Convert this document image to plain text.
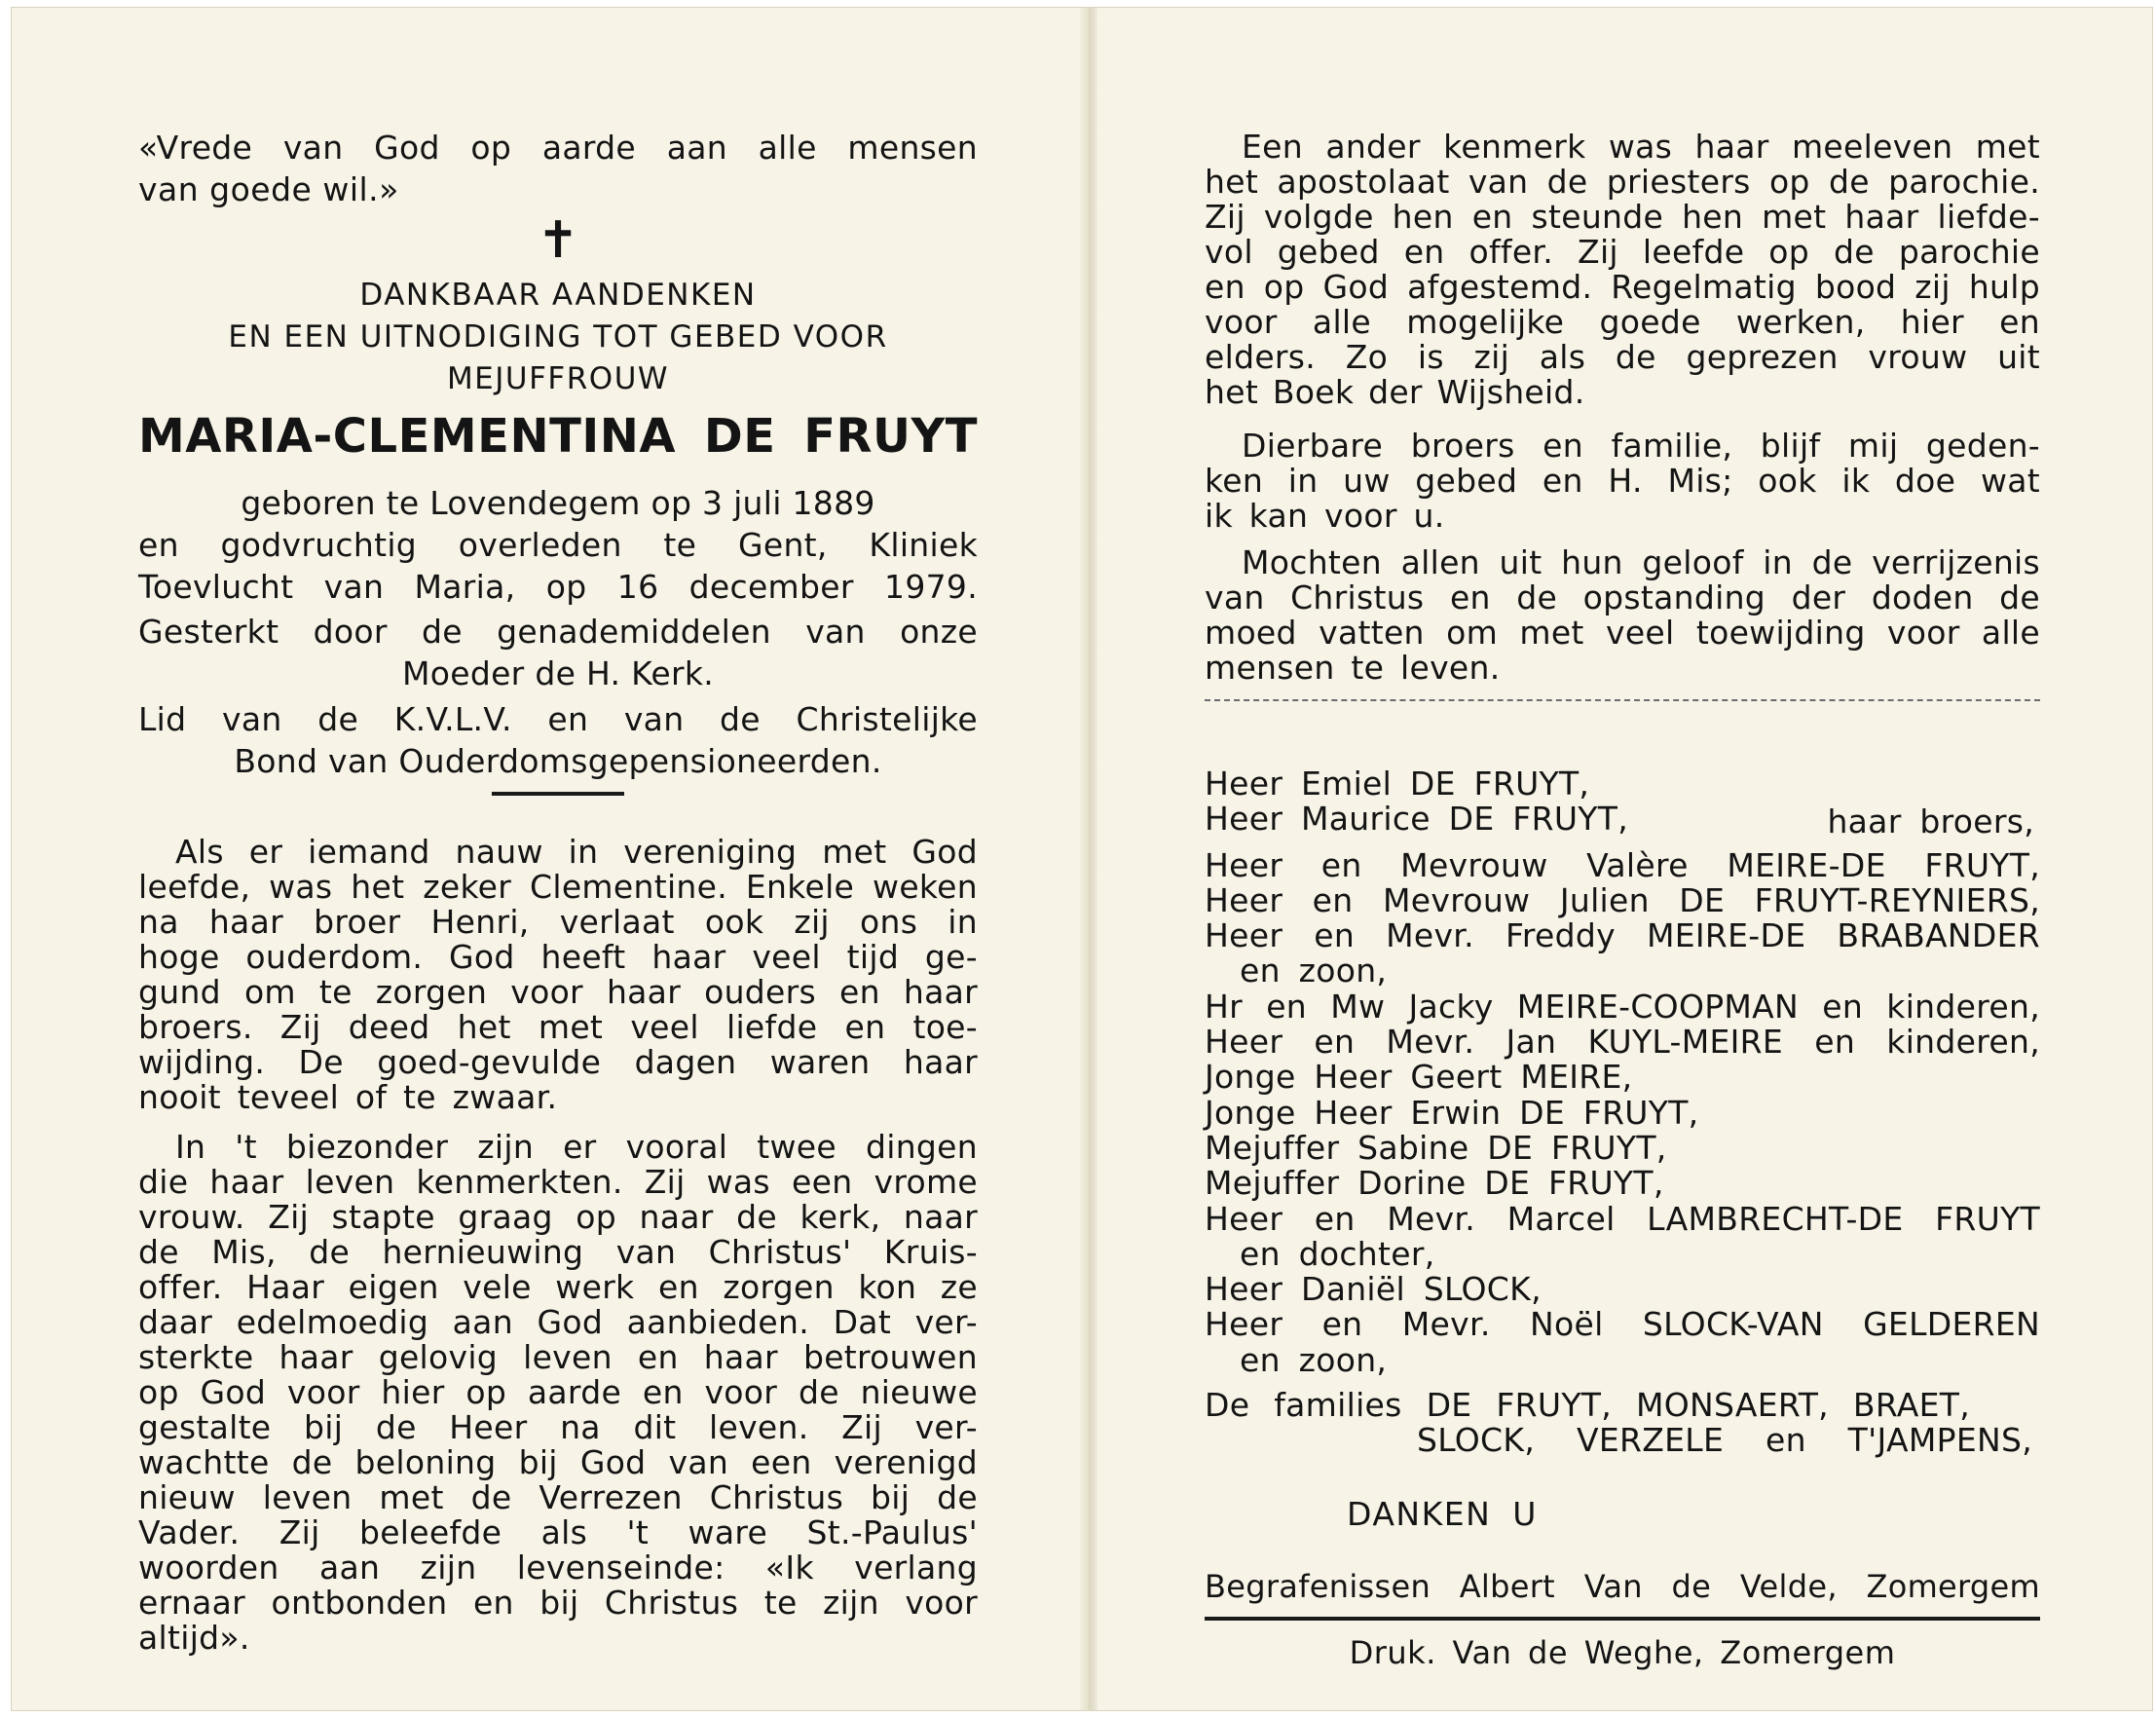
«Vrede van God op aarde aan alle mensen
van goede wil.»
✝
DANKBAAR AANDENKEN
EN EEN UITNODIGING TOT GEBED VOOR
MEJUFFROUW
MARIA-CLEMENTINA DE FRUYT
geboren te Lovendegem op 3 juli 1889
en godvruchtig overleden te Gent, Kliniek
Toevlucht van Maria, op 16 december 1979.
Gesterkt door de genademiddelen van onze
Moeder de H. Kerk.
Lid van de K.V.L.V. en van de Christelijke
Bond van Ouderdomsgepensioneerden.
Als er iemand nauw in vereniging met God
leefde, was het zeker Clementine. Enkele weken
na haar broer Henri, verlaat ook zij ons in
hoge ouderdom. God heeft haar veel tijd ge-
gund om te zorgen voor haar ouders en haar
broers. Zij deed het met veel liefde en toe-
wijding. De goed-gevulde dagen waren haar
nooit teveel of te zwaar.
In 't biezonder zijn er vooral twee dingen
die haar leven kenmerkten. Zij was een vrome
vrouw. Zij stapte graag op naar de kerk, naar
de Mis, de hernieuwing van Christus' Kruis-
offer. Haar eigen vele werk en zorgen kon ze
daar edelmoedig aan God aanbieden. Dat ver-
sterkte haar gelovig leven en haar betrouwen
op God voor hier op aarde en voor de nieuwe
gestalte bij de Heer na dit leven. Zij ver-
wachtte de beloning bij God van een verenigd
nieuw leven met de Verrezen Christus bij de
Vader. Zij beleefde als 't ware St.-Paulus'
woorden aan zijn levenseinde: «Ik verlang
ernaar ontbonden en bij Christus te zijn voor
altijd».
Een ander kenmerk was haar meeleven met
het apostolaat van de priesters op de parochie.
Zij volgde hen en steunde hen met haar liefde-
vol gebed en offer. Zij leefde op de parochie
en op God afgestemd. Regelmatig bood zij hulp
voor alle mogelijke goede werken, hier en
elders. Zo is zij als de geprezen vrouw uit
het Boek der Wijsheid.
Dierbare broers en familie, blijf mij geden-
ken in uw gebed en H. Mis; ook ik doe wat
ik kan voor u.
Mochten allen uit hun geloof in de verrijzenis
van Christus en de opstanding der doden de
moed vatten om met veel toewijding voor alle
mensen te leven.
Heer Emiel DE FRUYT,
Heer Maurice DE FRUYT,	haar broers,
Heer en Mevrouw Valère MEIRE-DE FRUYT,
Heer en Mevrouw Julien DE FRUYT-REYNIERS,
Heer en Mevr. Freddy MEIRE-DE BRABANDER
en zoon,
Hr en Mw Jacky MEIRE-COOPMAN en kinderen,
Heer en Mevr. Jan KUYL-MEIRE en kinderen,
Jonge Heer Geert MEIRE,
Jonge Heer Erwin DE FRUYT,
Mejuffer Sabine DE FRUYT,
Mejuffer Dorine DE FRUYT,
Heer en Mevr. Marcel LAMBRECHT-DE FRUYT
en dochter,
Heer Daniël SLOCK,
Heer en Mevr. Noël SLOCK-VAN GELDEREN
en zoon,
De families DE FRUYT, MONSAERT, BRAET,
SLOCK, VERZELE en T'JAMPENS,
DANKEN U
Begrafenissen Albert Van de Velde, Zomergem
Druk. Van de Weghe, Zomergem
